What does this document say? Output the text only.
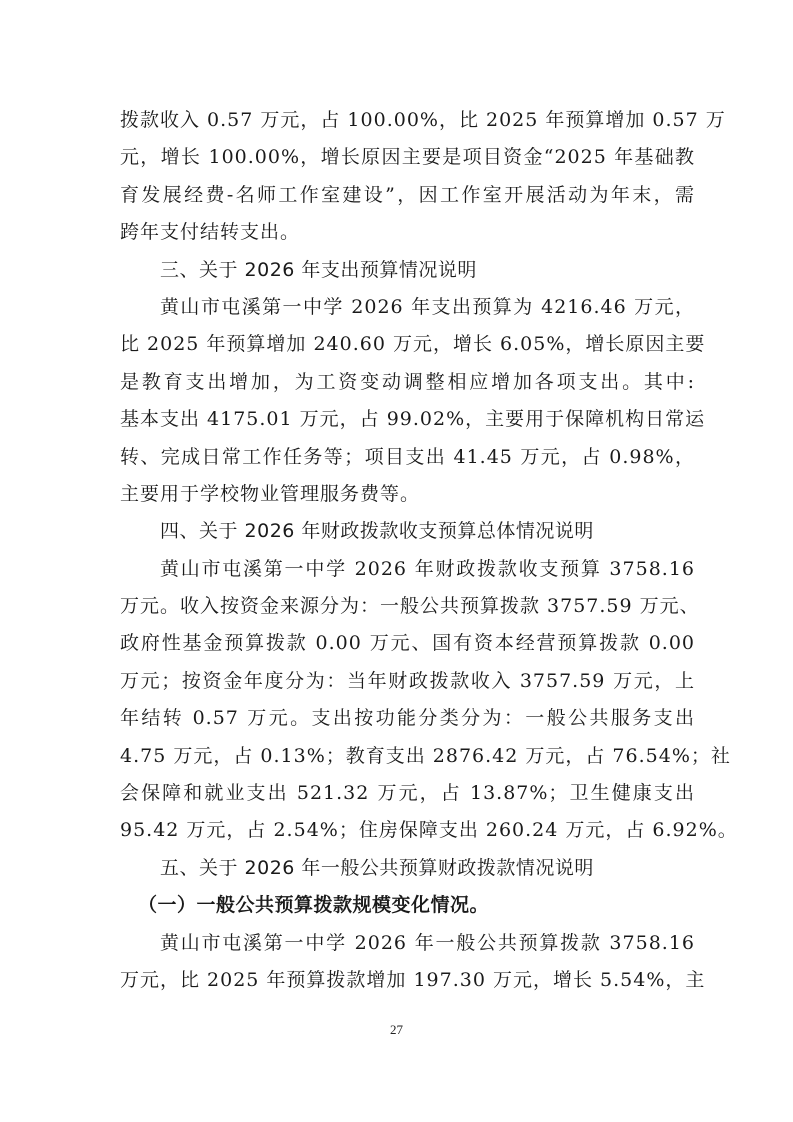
拨款收入 0.57 万元，占 100.00%，比 2025 年预算增加 0.57 万
元，增长 100.00%，增长原因主要是项目资金“2025 年基础教
育发展经费-名师工作室建设”，因工作室开展活动为年末，需
跨年支付结转支出。
三、关于 2026 年支出预算情况说明
黄山市屯溪第一中学 2026 年支出预算为 4216.46 万元，
比 2025 年预算增加 240.60 万元，增长 6.05%，增长原因主要
是教育支出增加，为工资变动调整相应增加各项支出。其中:
基本支出 4175.01 万元，占 99.02%，主要用于保障机构日常运
转、完成日常工作任务等；项目支出 41.45 万元，占 0.98%，
主要用于学校物业管理服务费等。
四、关于 2026 年财政拨款收支预算总体情况说明
黄山市屯溪第一中学 2026 年财政拨款收支预算 3758.16
万元。收入按资金来源分为：一般公共预算拨款 3757.59 万元、
政府性基金预算拨款 0.00 万元、国有资本经营预算拨款 0.00
万元；按资金年度分为：当年财政拨款收入 3757.59 万元，上
年结转 0.57 万元。支出按功能分类分为：一般公共服务支出
4.75 万元，占 0.13%；教育支出 2876.42 万元，占 76.54%；社
会保障和就业支出 521.32 万元，占 13.87%；卫生健康支出
95.42 万元，占 2.54%；住房保障支出 260.24 万元，占 6.92%。
五、关于 2026 年一般公共预算财政拨款情况说明
（一）一般公共预算拨款规模变化情况。
黄山市屯溪第一中学 2026 年一般公共预算拨款 3758.16
万元，比 2025 年预算拨款增加 197.30 万元，增长 5.54%，主
27
